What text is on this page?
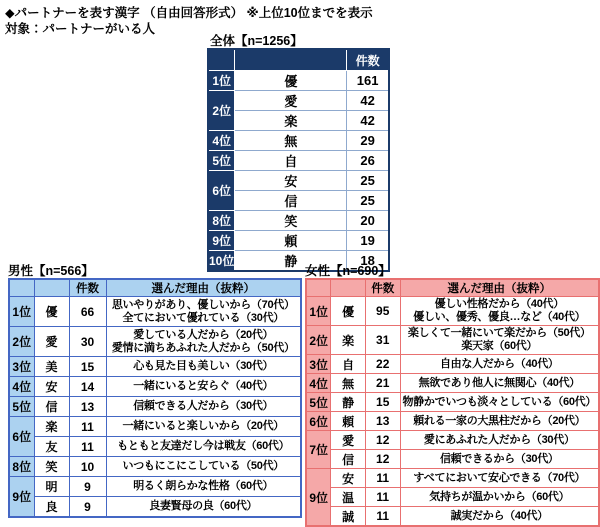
◆パートナーを表す漢字 （自由回答形式） ※上位10位までを表示
対象：パートナーがいる人
全体【n=1256】
		件数
1位	優	161
2位	愛	42
	楽	42
4位	無	29
5位	自	26
6位	安	25
	信	25
8位	笑	20
9位	頼	19
10位	静	18
男性【n=566】
		件数	選んだ理由（抜粋）
1位	優	66	思いやりがあり、優しいから（70代）
全てにおいて優れている（30代）

2位	愛	30	愛している人だから（20代）
愛情に満ちあふれた人だから（50代）

3位	美	15	心も見た目も美しい（30代）

4位	安	14	一緒にいると安らぐ（40代）

5位	信	13	信頼できる人だから（30代）

6位	楽	11	一緒にいると楽しいから（20代）

	友	11	もともと友達だし今は戦友（60代）

8位	笑	10	いつもにこにこしている（50代）

9位	明	9	明るく朗らかな性格（60代）

	良	9	良妻賢母の良（60代）
女性【n=690】
		件数	選んだ理由（抜粋）
1位	優	95	優しい性格だから（40代）
優しい、優秀、優良…など（40代）

2位	楽	31	楽しくて一緒にいて楽だから（50代）
楽天家（60代）

3位	自	22	自由な人だから（40代）

4位	無	21	無欲であり他人に無関心（40代）

5位	静	15	物静かでいつも淡々としている（60代）

6位	頼	13	頼れる一家の大黒柱だから（20代）

7位	愛	12	愛にあふれた人だから（30代）

	信	12	信頼できるから（30代）

9位	安	11	すべてにおいて安心できる（70代）

	温	11	気持ちが温かいから（60代）

	誠	11	誠実だから（40代）
